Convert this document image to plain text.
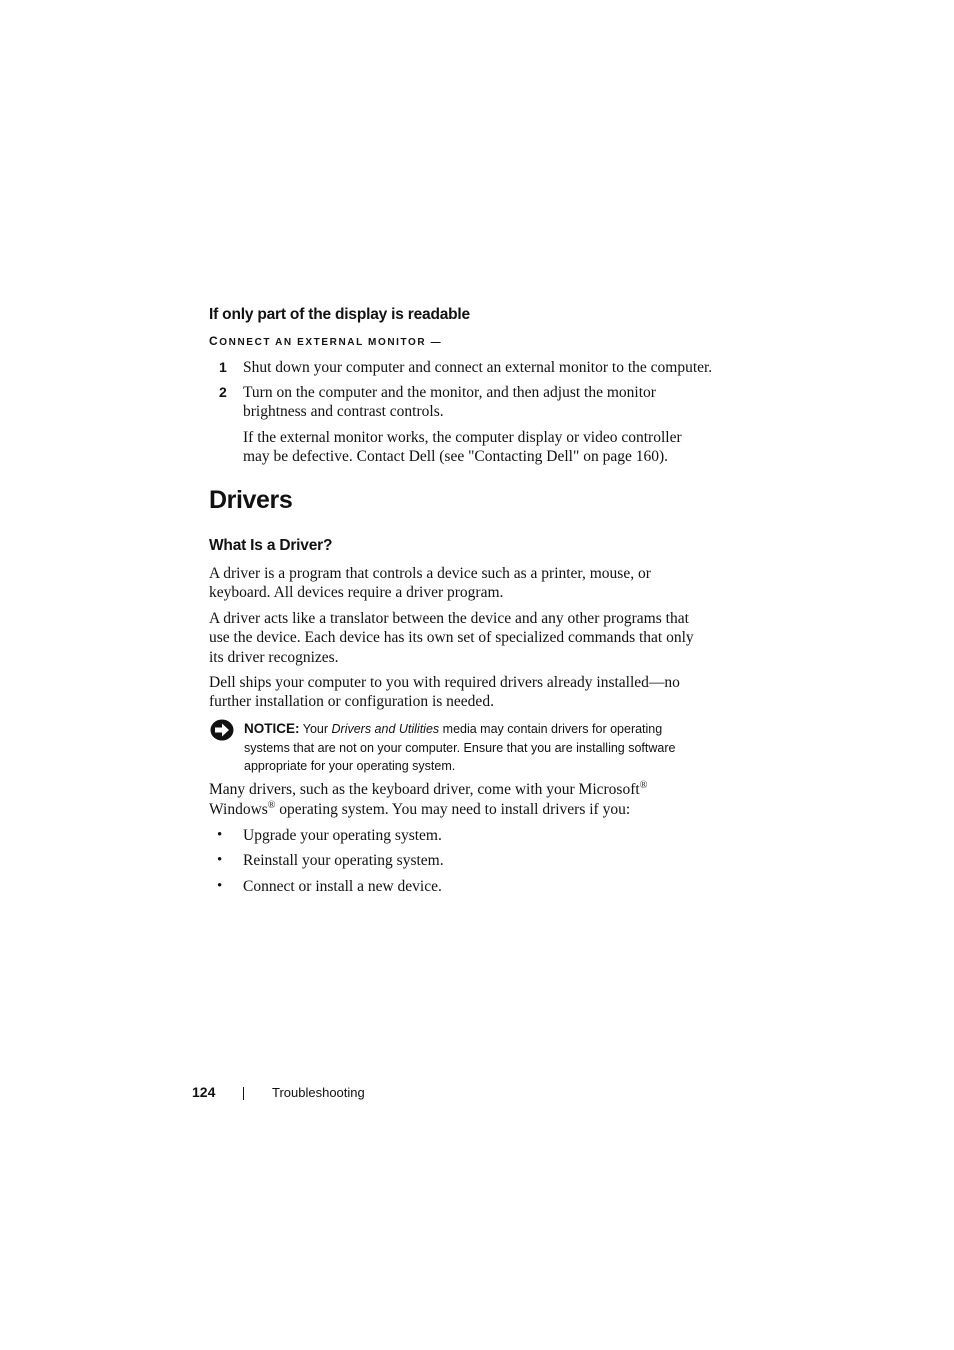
If only part of the display is readable
CONNECT AN EXTERNAL MONITOR —
1 Shut down your computer and connect an external monitor to the computer.
2 Turn on the computer and the monitor, and then adjust the monitor
brightness and contrast controls.
If the external monitor works, the computer display or video controller
may be defective. Contact Dell (see "Contacting Dell" on page 160).
Drivers
What Is a Driver?
A driver is a program that controls a device such as a printer, mouse, or
keyboard. All devices require a driver program.
A driver acts like a translator between the device and any other programs that
use the device. Each device has its own set of specialized commands that only
its driver recognizes.
Dell ships your computer to you with required drivers already installed—no
further installation or configuration is needed.
NOTICE: Your Drivers and Utilities media may contain drivers for operating
systems that are not on your computer. Ensure that you are installing software
appropriate for your operating system.
Many drivers, such as the keyboard driver, come with your Microsoft®
Windows® operating system. You may need to install drivers if you:
• Upgrade your operating system.
• Reinstall your operating system.
• Connect or install a new device.
124	Troubleshooting
